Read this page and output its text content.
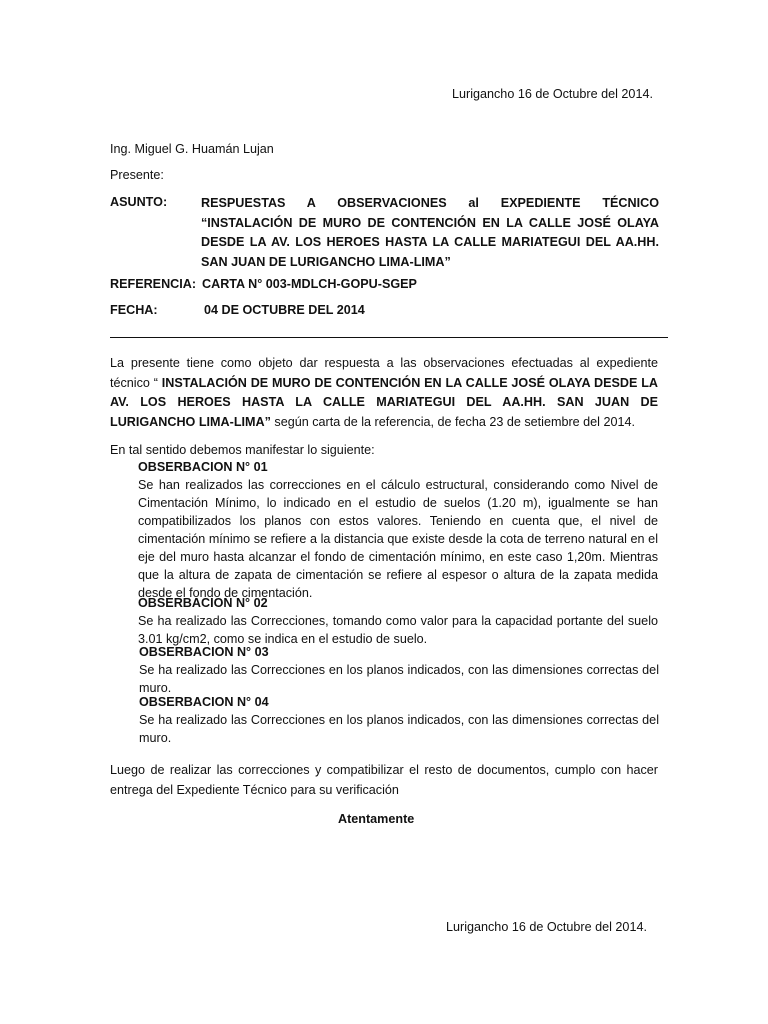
Lurigancho 16 de Octubre del 2014.
Ing. Miguel G. Huamán Lujan
Presente:
ASUNTO:	RESPUESTAS A OBSERVACIONES al EXPEDIENTE TÉCNICO “INSTALACIÓN DE MURO DE CONTENCIÓN EN LA CALLE JOSÉ OLAYA DESDE LA AV. LOS HEROES HASTA LA CALLE MARIATEGUI DEL AA.HH. SAN JUAN DE LURIGANCHO LIMA-LIMA”
REFERENCIA: CARTA N° 003-MDLCH-GOPU-SGEP
FECHA:	04 DE OCTUBRE DEL 2014
La presente tiene como objeto dar respuesta a las observaciones efectuadas al expediente técnico “ INSTALACIÓN DE MURO DE CONTENCIÓN EN LA CALLE JOSÉ OLAYA DESDE LA AV. LOS HEROES HASTA LA CALLE MARIATEGUI DEL AA.HH. SAN JUAN DE LURIGANCHO LIMA-LIMA” según carta de la referencia, de fecha 23 de setiembre del 2014.
En tal sentido debemos manifestar lo siguiente:
OBSERBACION N° 01
Se han realizados las correcciones en el cálculo estructural, considerando como Nivel de Cimentación Mínimo, lo indicado en el estudio de suelos (1.20 m), igualmente se han compatibilizados los planos con estos valores. Teniendo en cuenta que, el nivel de cimentación mínimo se refiere a la distancia que existe desde la cota de terreno natural en el eje del muro hasta alcanzar el fondo de cimentación mínimo, en este caso 1,20m. Mientras que la altura de zapata de cimentación se refiere al espesor o altura de la zapata medida desde el fondo de cimentación.
OBSERBACION N° 02
Se ha realizado las Correcciones, tomando como valor para la capacidad portante del suelo 3.01 kg/cm2, como se indica en el estudio de suelo.
OBSERBACION N° 03
Se ha realizado las Correcciones en los planos indicados, con las dimensiones correctas del muro.
OBSERBACION N° 04
Se ha realizado las Correcciones en los planos indicados, con las dimensiones correctas del muro.
Luego de realizar las correcciones y compatibilizar el resto de documentos, cumplo con hacer entrega del Expediente Técnico para su verificación
Atentamente
Lurigancho 16 de Octubre del 2014.
